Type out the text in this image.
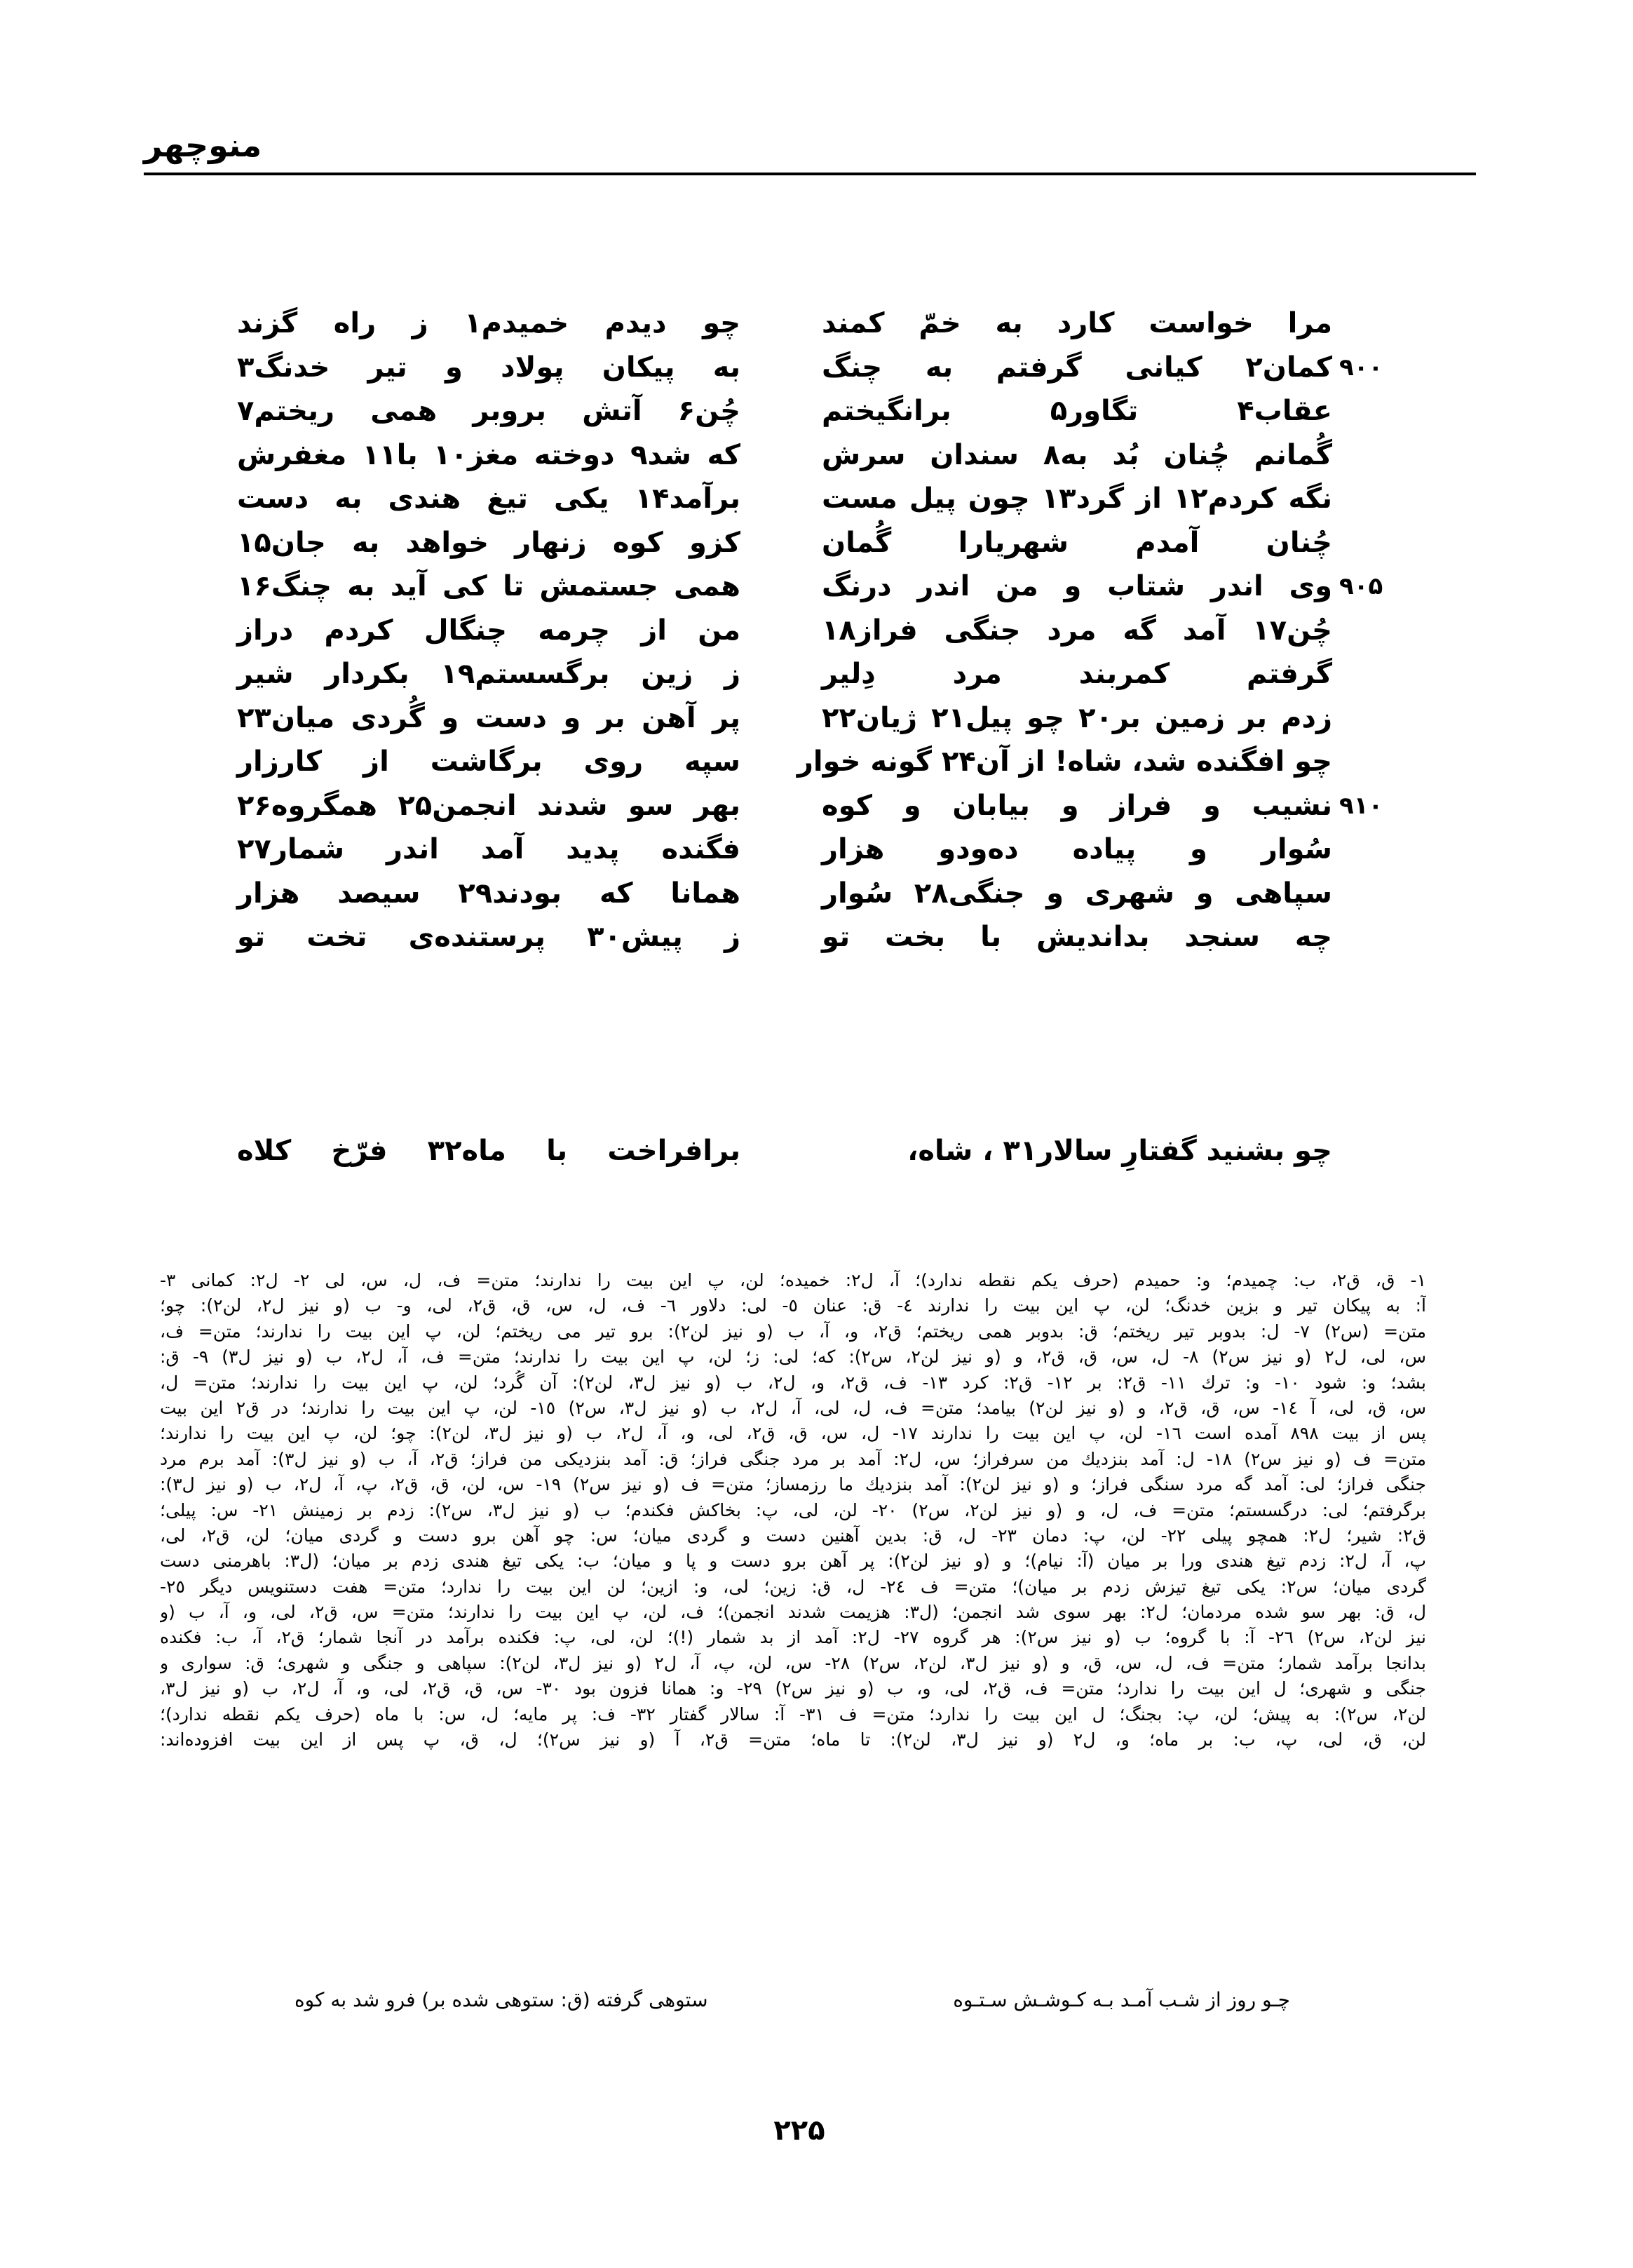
منوچهر
مرا خواست کارد به خمّ کمند
کمان۲ کیانی گرفتم به چنگ ۹۰۰
عقاب۴ تگاور۵ برانگیختم
گُمانم چُنان بُد به۸ سندان سرش
نگه کردم۱۲ از گرد۱۳ چون پیل مست
چُنان آمدم شهریارا گُمان
وی اندر شتاب و من اندر درنگ ۹۰۵
چُن۱۷ آمد گه مرد جنگی فراز۱۸
گرفتم کمربند مرد دِلیر
زدم بر زمین بر۲۰ چو پیل۲۱ ژیان۲۲
چو افگنده شد، شاه! از آن۲۴ گونه خوار
نشیب و فراز و بیابان و کوه ۹۱۰
سُوار و پیاده دەودو هزار
سپاهی و شهری و جنگی۲۸ سُوار
چه سنجد بداندیش با بخت تو
چو دیدم خمیدم۱ ز راه گزند
به پیکان پولاد و تیر خدنگ۳
چُن۶ آتش بروبر همی ریختم۷
که شد۹ دوخته مغز۱۰ با۱۱ مغفرش
برآمد۱۴ یکی تیغ هندی به دست
کزو کوه زنهار خواهد به جان۱۵
همی جستمش تا کی آید به چنگ۱۶
من از چرمه چنگال کردم دراز
ز زین برگسستم۱۹ بکردار شیر
پر آهن بر و دست و گُردی میان۲۳
سپه روی برگاشت از کارزار
بهر سو شدند انجمن۲۵ همگروه۲۶
فگنده پدید آمد اندر شمار۲۷
همانا که بودند۲۹ سیصد هزار
ز پیش۳۰ پرستندەی تخت تو
چو بشنید گفتارِ سالار۳۱ ، شاه،
برافراخت با ماه۳۲ فرّخ کلاه
۱- ق، ق۲، ب: چمیدم؛ و: حمیدم (حرف یکم نقطه ندارد)؛ آ، ل۲: خمیده؛ لن، پ این بیت را ندارند؛ متن= ف، ل، س، لی ۲- ل۲: کمانی ۳-
آ: به پیکان تیر و بزین خدنگ؛ لن، پ این بیت را ندارند ٤- ق: عنان ٥- لی: دلاور ٦- ف، ل، س، ق، ق۲، لی، و- ب (و نیز ل۲، لن۲): چو؛
متن= (س۲) ۷- ل: بدوبر تیر ریختم؛ ق: بدوبر همی ریختم؛ ق۲، و، آ، ب (و نیز لن۲): برو تیر می ریختم؛ لن، پ این بیت را ندارند؛ متن= ف،
س، لی، ل۲ (و نیز س۲) ۸- ل، س، ق، ق۲، و (و نیز لن۲، س۲): که؛ لی: ز؛ لن، پ این بیت را ندارند؛ متن= ف، آ، ل۲، ب (و نیز ل۳) ۹- ق:
بشد؛ و: شود ۱۰- و: ترك ۱۱- ق۲: بر ۱۲- ق۲: کرد ۱۳- ف، ق۲، و، ل۲، ب (و نیز ل۳، لن۲): آن گُرد؛ لن، پ این بیت را ندارند؛ متن= ل،
س، ق، لی، آ ۱٤- س، ق، ق۲، و (و نیز لن۲) بیامد؛ متن= ف، ل، لی، آ، ل۲، ب (و نیز ل۳، س۲) ۱٥- لن، پ این بیت را ندارند؛ در ق۲ این بیت
پس از بیت ۸۹۸ آمده است ۱٦- لن، پ این بیت را ندارند ۱۷- ل، س، ق، ق۲، لی، و، آ، ل۲، ب (و نیز ل۳، لن۲): چو؛ لن، پ این بیت را ندارند؛
متن= ف (و نیز س۲) ۱۸- ل: آمد بنزدیك من سرفراز؛ س، ل۲: آمد بر مرد جنگی فراز؛ ق: آمد بنزدیکی من فراز؛ ق۲، آ، ب (و نیز ل۳): آمد برم مرد
جنگی فراز؛ لی: آمد گه مرد سنگی فراز؛ و (و نیز لن۲): آمد بنزدیك ما رزمساز؛ متن= ف (و نیز س۲) ۱۹- س، لن، ق، ق۲، پ، آ، ل۲، ب (و نیز ل۳):
برگرفتم؛ لی: درگسستم؛ متن= ف، ل، و (و نیز لن۲، س۲) ۲۰- لن، لی، پ: بخاکش فکندم؛ ب (و نیز ل۳، س۲): زدم بر زمینش ۲۱- س: پیلی؛
ق۲: شیر؛ ل۲: همچو پیلی ۲۲- لن، پ: دمان ۲۳- ل، ق: بدین آهنین دست و گردی میان؛ س: چو آهن برو دست و گردی میان؛ لن، ق۲، لی،
پ، آ، ل۲: زدم تیغ هندی ورا بر میان (آ: نیام)؛ و (و نیز لن۲): پر آهن برو دست و پا و میان؛ ب: یکی تیغ هندی زدم بر میان؛ (ل۳: باهرمنی دست
گردی میان؛ س۲: یکی تیغ تیزش زدم بر میان)؛ متن= ف ۲٤- ل، ق: زین؛ لی، و: ازین؛ لن این بیت را ندارد؛ متن= هفت دستنویس دیگر ۲٥-
ل، ق: بهر سو شده مردمان؛ ل۲: بهر سوی شد انجمن؛ (ل۳: هزیمت شدند انجمن)؛ ف، لن، پ این بیت را ندارند؛ متن= س، ق۲، لی، و، آ، ب (و
نیز لن۲، س۲) ۲٦- آ: با گروه؛ ب (و نیز س۲): هر گروه ۲۷- ل۲: آمد از بد شمار (!)؛ لن، لی، پ: فکنده برآمد در آنجا شمار؛ ق۲، آ، ب: فکنده
بدانجا برآمد شمار؛ متن= ف، ل، س، ق، و (و نیز ل۳، لن۲، س۲) ۲۸- س، لن، پ، آ، ل۲ (و نیز ل۳، لن۲): سپاهی و جنگی و شهری؛ ق: سواری و
جنگی و شهری؛ ل این بیت را ندارد؛ متن= ف، ق۲، لی، و، ب (و نیز س۲) ۲۹- و: همانا فزون بود ۳۰- س، ق، ق۲، لی، و، آ، ل۲، ب (و نیز ل۳،
لن۲، س۲): به پیش؛ لن، پ: بجنگ؛ ل این بیت را ندارد؛ متن= ف ۳۱- آ: سالار گفتار ۳۲- ف: پر مایه؛ ل، س: با ماه (حرف یکم نقطه ندارد)؛
لن، ق، لی، پ، ب: بر ماه؛ و، ل۲ (و نیز ل۳، لن۲): تا ماه؛ متن= ق۲، آ (و نیز س۲)؛ ل، ق، پ پس از این بیت افزوده‌اند:
چـو روز از شـب آمـد بـه کـوشـش سـتـوه
ستوهی گرفته (ق: ستوهی شده بر) فرو شد به کوه
۲۲۵
